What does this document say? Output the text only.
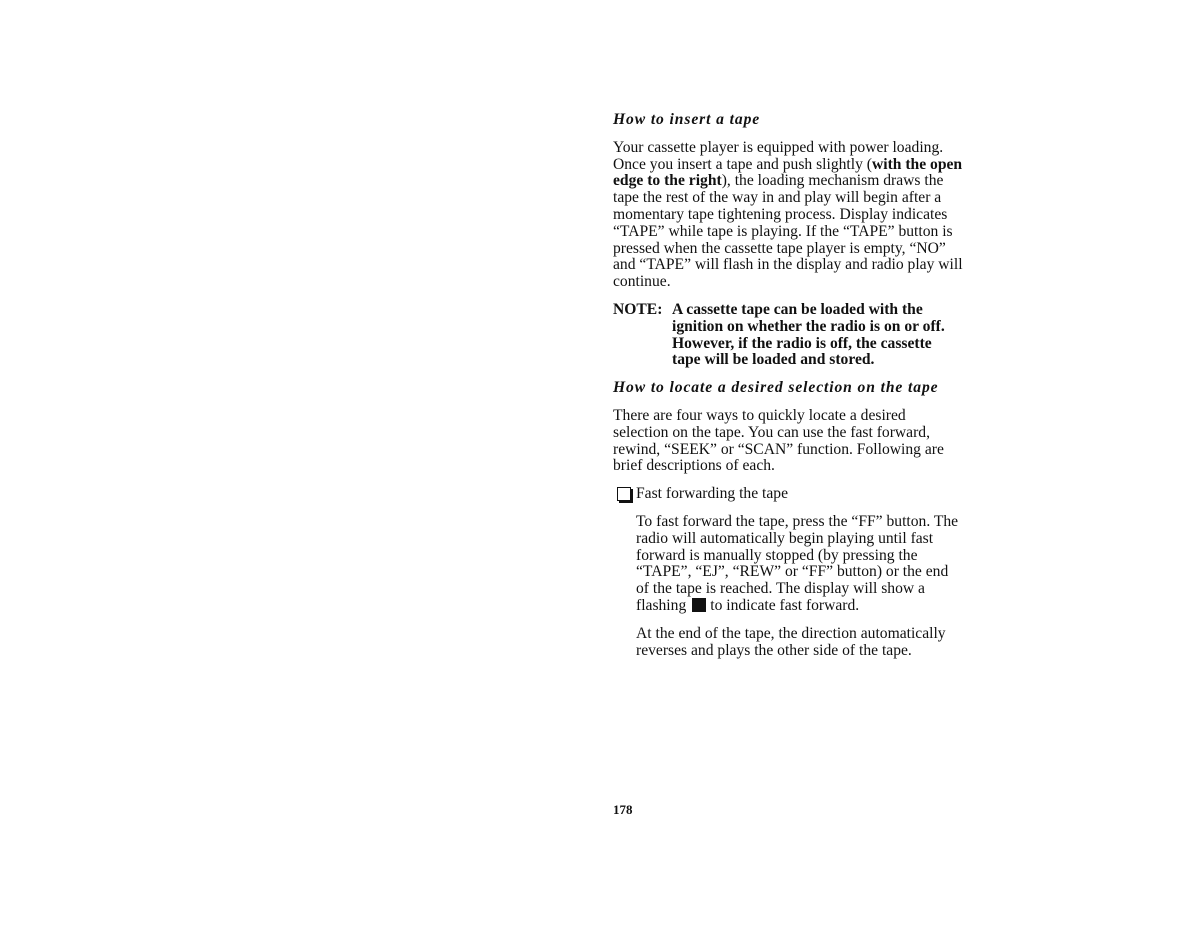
How to insert a tape
Your cassette player is equipped with power loading. Once you insert a tape and push slightly (with the open edge to the right), the loading mechanism draws the tape the rest of the way in and play will begin after a momentary tape tightening process. Display indicates “TAPE” while tape is playing. If the “TAPE” button is pressed when the cassette tape player is empty, “NO” and “TAPE” will flash in the display and radio play will continue.
NOTE: A cassette tape can be loaded with the ignition on whether the radio is on or off. However, if the radio is off, the cassette tape will be loaded and stored.
How to locate a desired selection on the tape
There are four ways to quickly locate a desired selection on the tape. You can use the fast forward, rewind, “SEEK” or “SCAN” function. Following are brief descriptions of each.
Fast forwarding the tape
To fast forward the tape, press the “FF” button. The radio will automatically begin playing until fast forward is manually stopped (by pressing the “TAPE”, “EJ”, “REW” or “FF” button) or the end of the tape is reached. The display will show a flashing to indicate fast forward.
At the end of the tape, the direction automatically reverses and plays the other side of the tape.
178
